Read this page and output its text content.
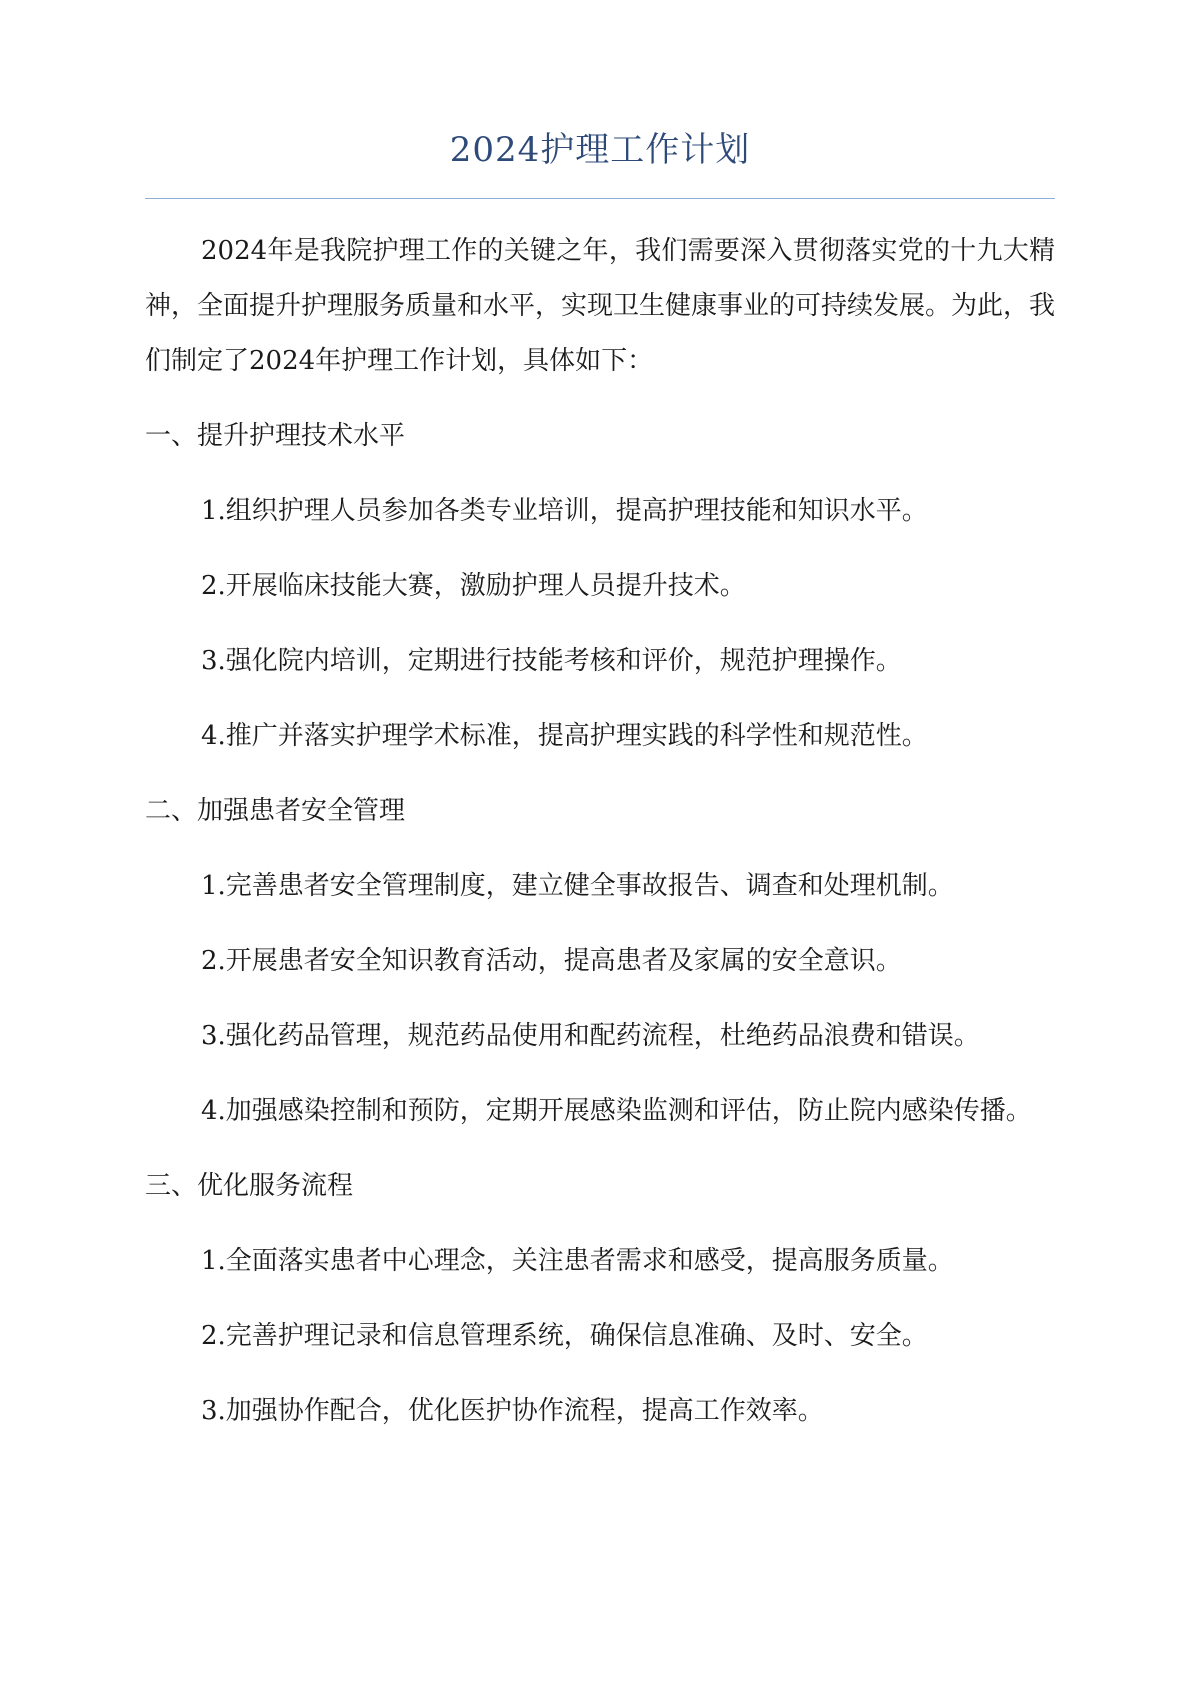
2024护理工作计划

2024年是我院护理工作的关键之年，我们需要深入贯彻落实党的十九大精神，全面提升护理服务质量和水平，实现卫生健康事业的可持续发展。为此，我们制定了2024年护理工作计划，具体如下：

一、提升护理技术水平

1.组织护理人员参加各类专业培训，提高护理技能和知识水平。

2.开展临床技能大赛，激励护理人员提升技术。

3.强化院内培训，定期进行技能考核和评价，规范护理操作。

4.推广并落实护理学术标准，提高护理实践的科学性和规范性。

二、加强患者安全管理

1.完善患者安全管理制度，建立健全事故报告、调查和处理机制。

2.开展患者安全知识教育活动，提高患者及家属的安全意识。

3.强化药品管理，规范药品使用和配药流程，杜绝药品浪费和错误。

4.加强感染控制和预防，定期开展感染监测和评估，防止院内感染传播。

三、优化服务流程

1.全面落实患者中心理念，关注患者需求和感受，提高服务质量。

2.完善护理记录和信息管理系统，确保信息准确、及时、安全。

3.加强协作配合，优化医护协作流程，提高工作效率。
